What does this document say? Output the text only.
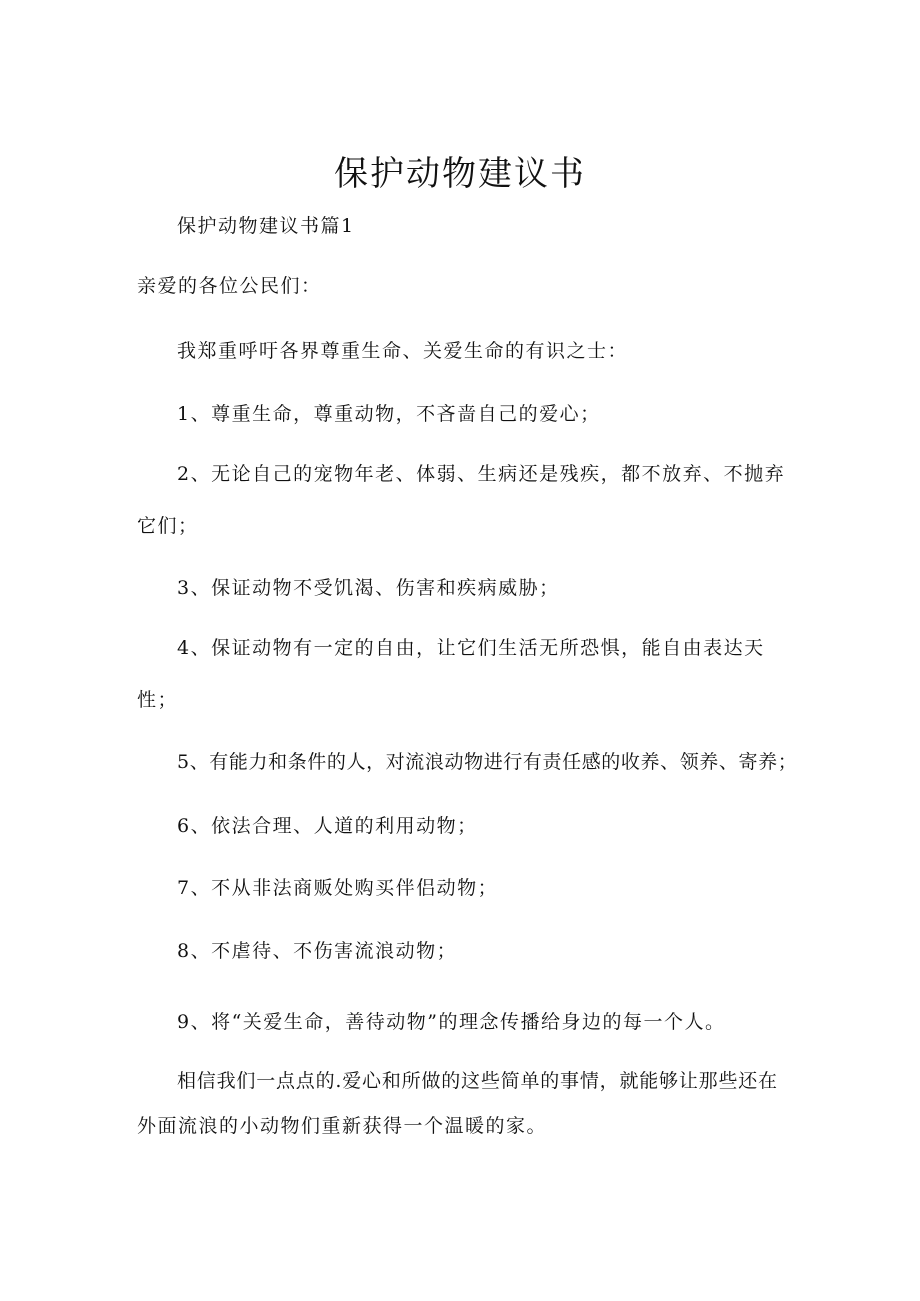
保护动物建议书
保护动物建议书篇1
亲爱的各位公民们：
我郑重呼吁各界尊重生命、关爱生命的有识之士：
1、尊重生命，尊重动物，不吝啬自己的爱心；
2、无论自己的宠物年老、体弱、生病还是残疾，都不放弃、不抛弃
它们；
3、保证动物不受饥渴、伤害和疾病威胁；
4、保证动物有一定的自由，让它们生活无所恐惧，能自由表达天
性；
5、有能力和条件的人，对流浪动物进行有责任感的收养、领养、寄养；
6、依法合理、人道的利用动物；
7、不从非法商贩处购买伴侣动物；
8、不虐待、不伤害流浪动物；
9、将“关爱生命，善待动物”的理念传播给身边的每一个人。
相信我们一点点的.爱心和所做的这些简单的事情，就能够让那些还在
外面流浪的小动物们重新获得一个温暖的家。
